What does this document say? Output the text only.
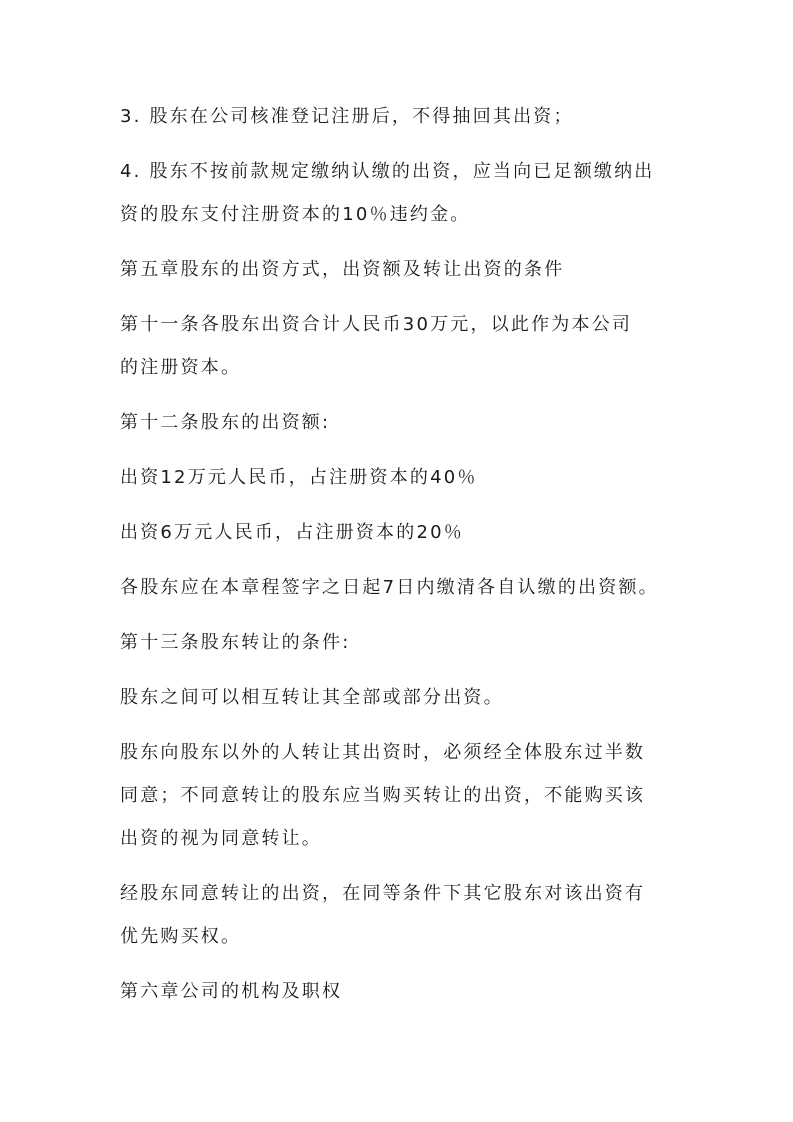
3. 股东在公司核准登记注册后，不得抽回其出资；
4. 股东不按前款规定缴纳认缴的出资，应当向已足额缴纳出
资的股东支付注册资本的10％违约金。
第五章股东的出资方式，出资额及转让出资的条件
第十一条各股东出资合计人民币30万元，以此作为本公司
的注册资本。
第十二条股东的出资额:
出资12万元人民币，占注册资本的40％
出资6万元人民币，占注册资本的20％
各股东应在本章程签字之日起7日内缴清各自认缴的出资额。
第十三条股东转让的条件:
股东之间可以相互转让其全部或部分出资。
股东向股东以外的人转让其出资时，必须经全体股东过半数
同意；不同意转让的股东应当购买转让的出资，不能购买该
出资的视为同意转让。
经股东同意转让的出资，在同等条件下其它股东对该出资有
优先购买权。
第六章公司的机构及职权
